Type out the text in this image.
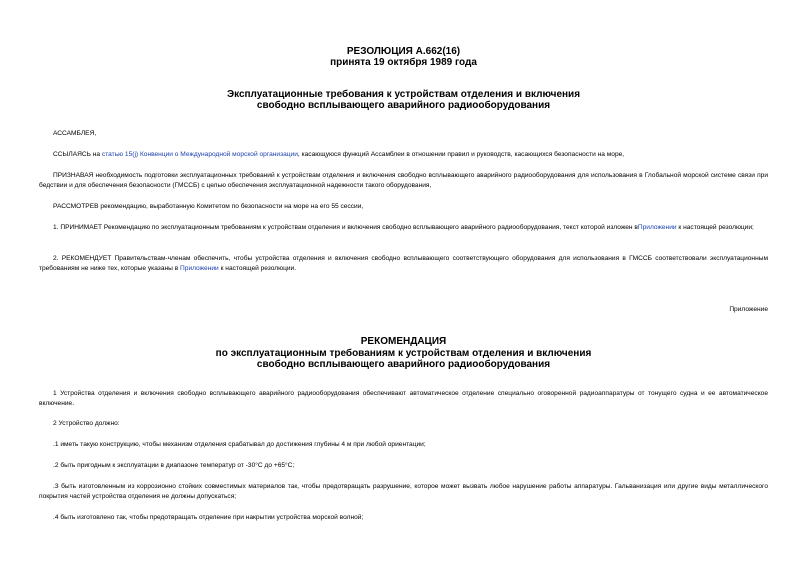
РЕЗОЛЮЦИЯ А.662(16)
принята 19 октября 1989 года
Эксплуатационные требования к устройствам отделения и включения
свободно всплывающего аварийного радиооборудования
АССАМБЛЕЯ,
ССЫЛАЯСЬ на статью 15(j) Конвенции о Международной морской организации, касающуюся функций Ассамблеи в отношении правил и руководств, касающихся безопасности на море,
ПРИЗНАВАЯ необходимость подготовки эксплуатационных требований к устройствам отделения и включения свободно всплывающего аварийного радиооборудования для использования в Глобальной морской системе связи при бедствии и для обеспечения безопасности (ГМССБ) с целью обеспечения эксплуатационной надежности такого оборудования,
РАССМОТРЕВ рекомендацию, выработанную Комитетом по безопасности на море на его 55 сессии,
1. ПРИНИМАЕТ Рекомендацию по эксплуатационным требованиям к устройствам отделения и включения свободно всплывающего аварийного радиооборудования, текст которой изложен вПриложении к настоящей резолюции;
2. РЕКОМЕНДУЕТ Правительствам-членам обеспечить, чтобы устройства отделения и включения свободно всплывающего соответствующего оборудования для использования в ГМССБ соответствовали эксплуатационным требованиям не ниже тех, которые указаны в Приложении к настоящей резолюции.
Приложение
РЕКОМЕНДАЦИЯ
по эксплуатационным требованиям к устройствам отделения и включения
свободно всплывающего аварийного радиооборудования
1 Устройства отделения и включения свободно всплывающего аварийного радиооборудования обеспечивают автоматическое отделение специально оговоренной радиоаппаратуры от тонущего судна и ее автоматическое включение.
2 Устройство должно:
.1 иметь такую конструкцию, чтобы механизм отделения срабатывал до достижения глубины 4 м при любой ориентации;
.2 быть пригодным к эксплуатации в диапазоне температур от -30°С до +65°С;
.3 быть изготовленным из коррозионно стойких совместимых материалов так, чтобы предотвращать разрушение, которое может вызвать любое нарушение работы аппаратуры. Гальванизация или другие виды металлического покрытия частей устройства отделения не должны допускаться;
.4 быть изготовлено так, чтобы предотвращать отделение при накрытии устройства морской волной;
